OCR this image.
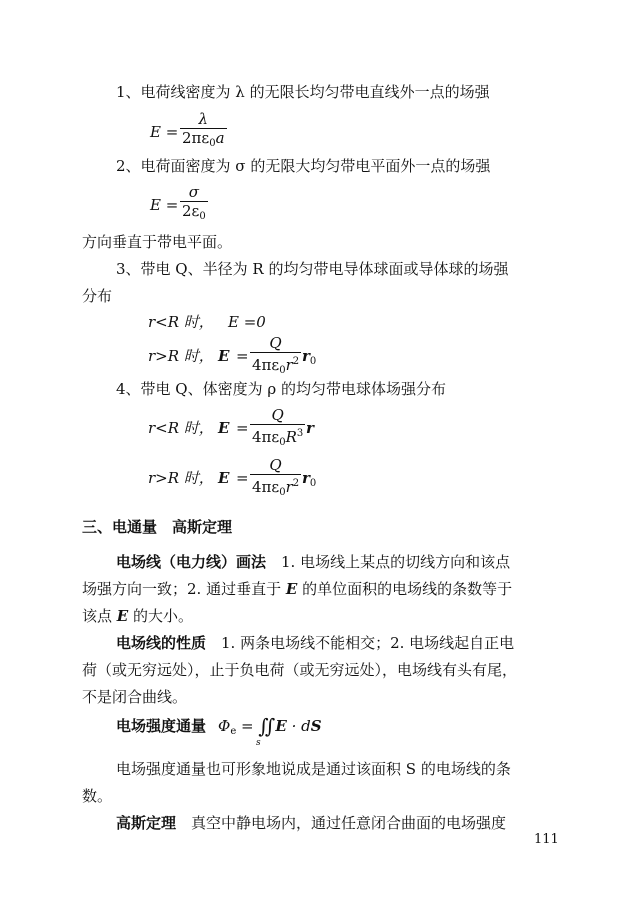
1、电荷线密度为 λ 的无限长均匀带电直线外一点的场强
$E = \frac{\lambda}{2\pi\varepsilon_0a}$
2、电荷面密度为 σ 的无限大均匀带电平面外一点的场强
$E = \frac{\sigma}{2\varepsilon_0}$
方向垂直于带电平面。
3、带电 Q、半径为 R 的均匀带电导体球面或导体球的场强
分布
r<R 时， E =0
r>R 时， $E = \frac{Q}{4\pi\varepsilon_0r^2} r_0$
4、带电 Q、体密度为 ρ 的均匀带电球体场强分布
r<R 时， $E = \frac{Q}{4\pi\varepsilon_0R^3}$ r
r>R 时， $E = \frac{Q}{4\pi\varepsilon_0r^2} r_0$
三、电通量　高斯定理
电场线（电力线）画法　1. 电场线上某点的切线方向和该点
场强方向一致；2. 通过垂直于 E 的单位面积的电场线的条数等于
该点 E 的大小。
电场线的性质　1. 两条电场线不能相交；2. 电场线起自正电
荷（或无穷远处），止于负电荷（或无穷远处），电场线有头有尾，
不是闭合曲线。
电场强度通量 $\Phi_e$ = ∬E · dS
s
电场强度通量也可形象地说成是通过该面积 S 的电场线的条
数。
高斯定理　真空中静电场内，通过任意闭合曲面的电场强度
111
